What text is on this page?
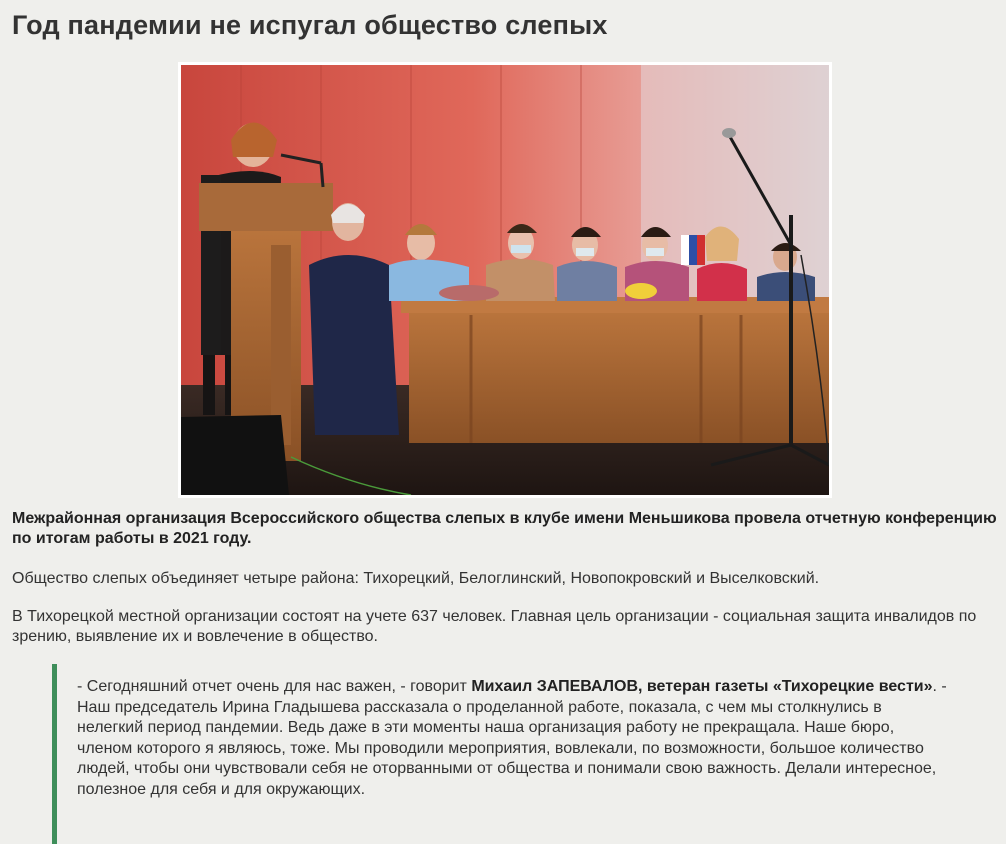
Год пандемии не испугал общество слепых

Межрайонная организация Всероссийского общества слепых в клубе имени Меньшикова провела отчетную конференцию по итогам работы в 2021 году.

Общество слепых объединяет четыре района: Тихорецкий, Белоглинский, Новопокровский и Выселковский.

В Тихорецкой местной организации состоят на учете 637 человек. Главная цель организации - социальная защита инвалидов по зрению, выявление их и вовлечение в общество.

- Сегодняшний отчет очень для нас важен, - говорит Михаил ЗАПЕВАЛОВ, ветеран газеты «Тихорецкие вести». - Наш председатель Ирина Гладышева рассказала о проделанной работе, показала, с чем мы столкнулись в нелегкий период пандемии. Ведь даже в эти моменты наша организация работу не прекращала. Наше бюро, членом которого я являюсь, тоже. Мы проводили мероприятия, вовлекали, по возможности, большое количество людей, чтобы они чувствовали себя не оторванными от общества и понимали свою важность. Делали интересное, полезное для себя и для окружающих.
